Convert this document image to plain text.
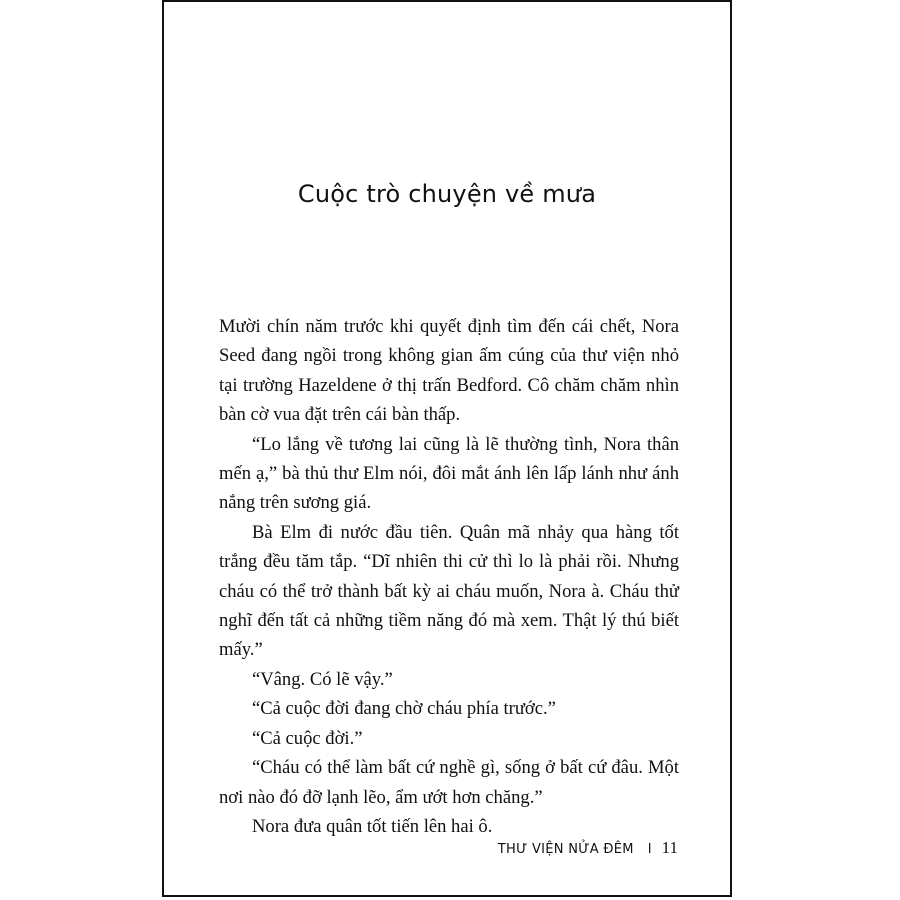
Cuộc trò chuyện về mưa

Mười chín năm trước khi quyết định tìm đến cái chết, Nora Seed đang ngồi trong không gian ấm cúng của thư viện nhỏ tại trường Hazeldene ở thị trấn Bedford. Cô chăm chăm nhìn bàn cờ vua đặt trên cái bàn thấp.

“Lo lắng về tương lai cũng là lẽ thường tình, Nora thân mến ạ,” bà thủ thư Elm nói, đôi mắt ánh lên lấp lánh như ánh nắng trên sương giá.

Bà Elm đi nước đầu tiên. Quân mã nhảy qua hàng tốt trắng đều tăm tắp. “Dĩ nhiên thi cử thì lo là phải rồi. Nhưng cháu có thể trở thành bất kỳ ai cháu muốn, Nora à. Cháu thử nghĩ đến tất cả những tiềm năng đó mà xem. Thật lý thú biết mấy.”

“Vâng. Có lẽ vậy.”

“Cả cuộc đời đang chờ cháu phía trước.”

“Cả cuộc đời.”

“Cháu có thể làm bất cứ nghề gì, sống ở bất cứ đâu. Một nơi nào đó đỡ lạnh lẽo, ẩm ướt hơn chăng.”

Nora đưa quân tốt tiến lên hai ô.

THƯ VIỆN NỬA ĐÊM I 11
